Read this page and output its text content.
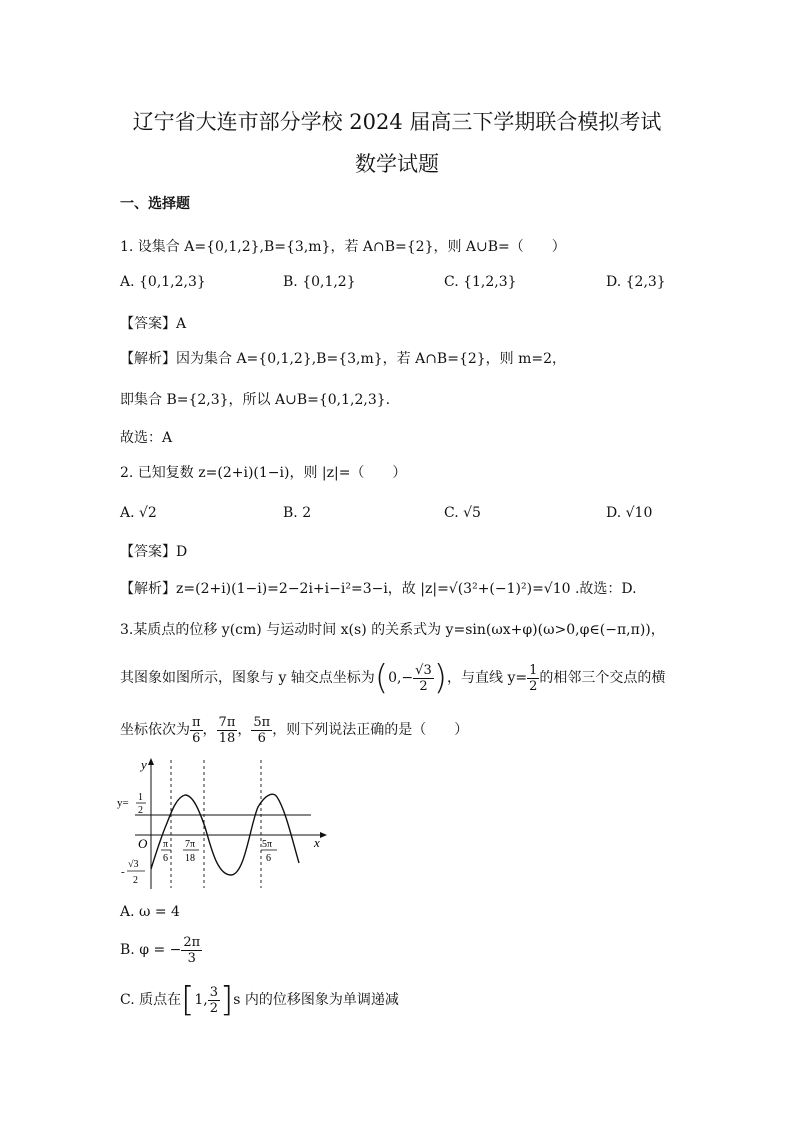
辽宁省大连市部分学校 2024 届高三下学期联合模拟考试
数学试题
一、选择题
1. 设集合 A={0,1,2},B={3,m}，若 A∩B={2}，则 A∪B=（　　）
A. {0,1,2,3}	B. {0,1,2}	C. {1,2,3}	D. {2,3}
【答案】A
【解析】因为集合 A={0,1,2},B={3,m}，若 A∩B={2}，则 m=2，
即集合 B={2,3}，所以 A∪B={0,1,2,3}.
故选：A
2. 已知复数 z=(2+i)(1−i)，则 |z|=（　　）
A. √2	B. 2	C. √5	D. √10
【答案】D
【解析】z=(2+i)(1−i)=2−2i+i−i²=3−i，故 |z|=√(3²+(−1)²)=√10 .故选：D.
3.某质点的位移 y(cm) 与运动时间 x(s) 的关系式为 y=sin(ωx+φ)(ω>0,φ∈(−π,π))，
其图象如图所示，图象与 y 轴交点坐标为($0,- \frac{√3}{2}$ )，与直线 $y= \frac{1}{2}$ 的相邻三个交点的横
坐标依次为 $\frac{\pi}{6}$ ， $\frac{7\pi}{18}$ ， $\frac{5\pi}{6}$ ，则下列说法正确的是（　　）
y
x
O
y= 1
2
-
√3
2
π
6
7π
18
5π
6
A. ω = 4
B. φ = − $\frac{2\pi}{3}$
C. 质点在[1, $\frac{3}{2} ]s$ 内的位移图象为单调递减
